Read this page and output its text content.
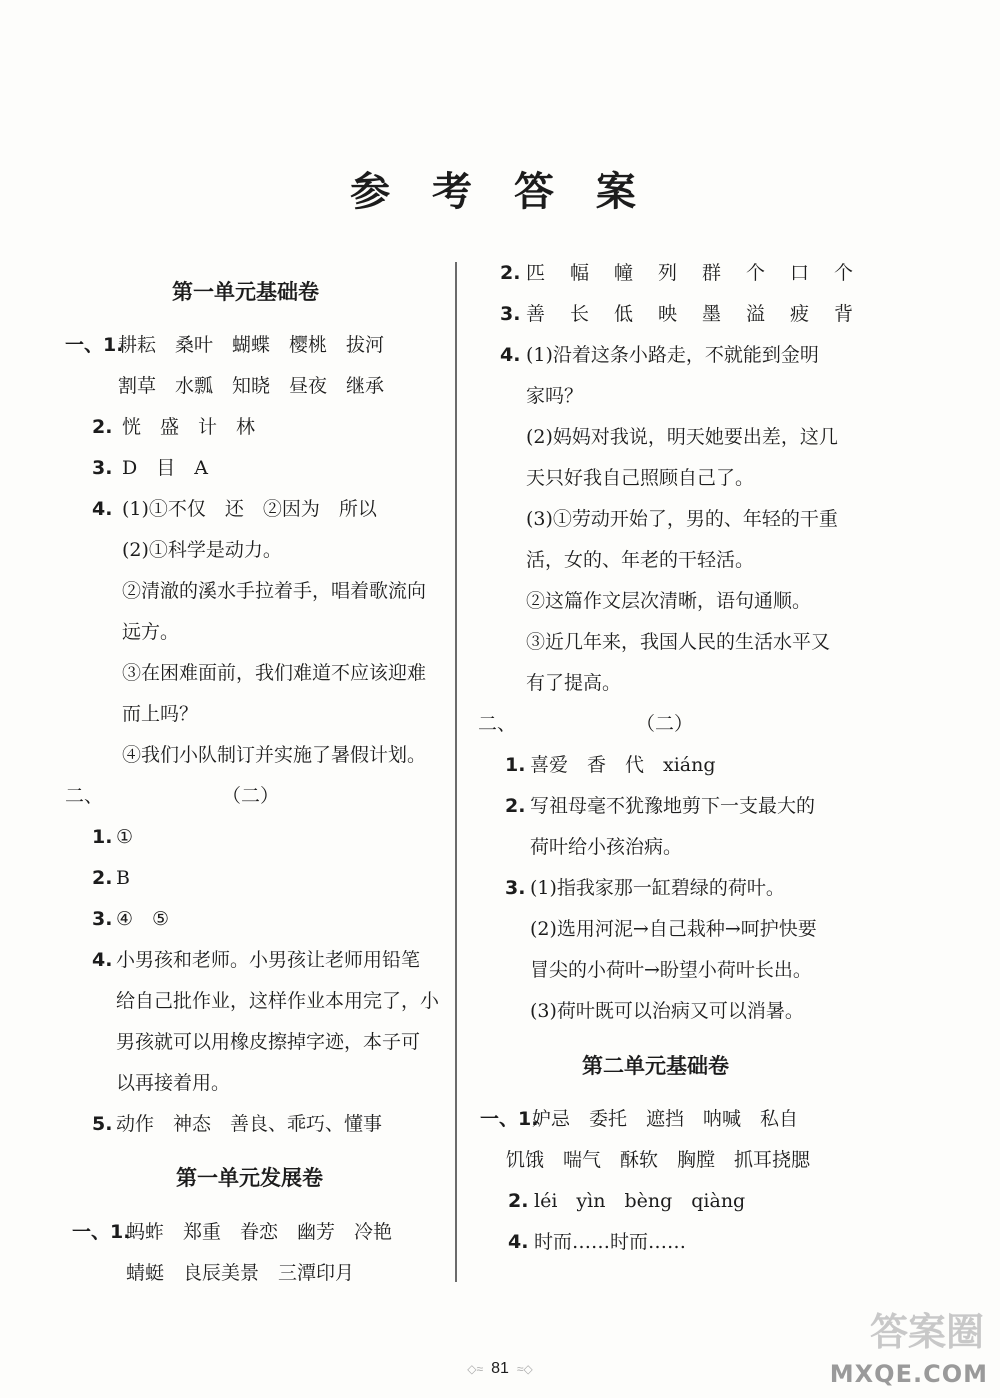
参 考 答 案
第一单元基础卷
一、1.
耕耘　桑叶　蝴蝶　樱桃　拔河
割草　水瓢　知晓　昼夜　继承
2. 恍　盛　计　林
3. D　目　A
4. (1)①不仅　还　②因为　所以
(2)①科学是动力。
②清澈的溪水手拉着手，唱着歌流向
远方。
③在困难面前，我们难道不应该迎难
而上吗？
④我们小队制订并实施了暑假计划。
二、	（二）
1. ①
2. B
3. ④　⑤
4. 小男孩和老师。小男孩让老师用铅笔
给自己批作业，这样作业本用完了，小
男孩就可以用橡皮擦掉字迹，本子可
以再接着用。
5. 动作　神态　善良、乖巧、懂事
第一单元发展卷
一、1.
蚂蚱　郑重　眷恋　幽芳　冷艳
蜻蜓　良辰美景　三潭印月
2. 匹　幅　幢　列　群　个　口　个
3. 善　长　低　映　墨　溢　疲　背
4. (1)沿着这条小路走，不就能到金明
家吗？
(2)妈妈对我说，明天她要出差，这几
天只好我自己照顾自己了。
(3)①劳动开始了，男的、年轻的干重
活，女的、年老的干轻活。
②这篇作文层次清晰，语句通顺。
③近几年来，我国人民的生活水平又
有了提高。
二、	（二）
1. 喜爱　香　代　xiáng
2. 写祖母毫不犹豫地剪下一支最大的
荷叶给小孩治病。
3. (1)指我家那一缸碧绿的荷叶。
(2)选用河泥→自己栽种→呵护快要
冒尖的小荷叶→盼望小荷叶长出。
(3)荷叶既可以治病又可以消暑。
第二单元基础卷
一、1.
妒忌　委托　遮挡　呐喊　私自
饥饿　喘气　酥软　胸膛　抓耳挠腮
2. léi　yìn　bèng　qiàng
4. 时而……时而……
◇≈ 81 ≈◇
答案圈
MXQE.COM
